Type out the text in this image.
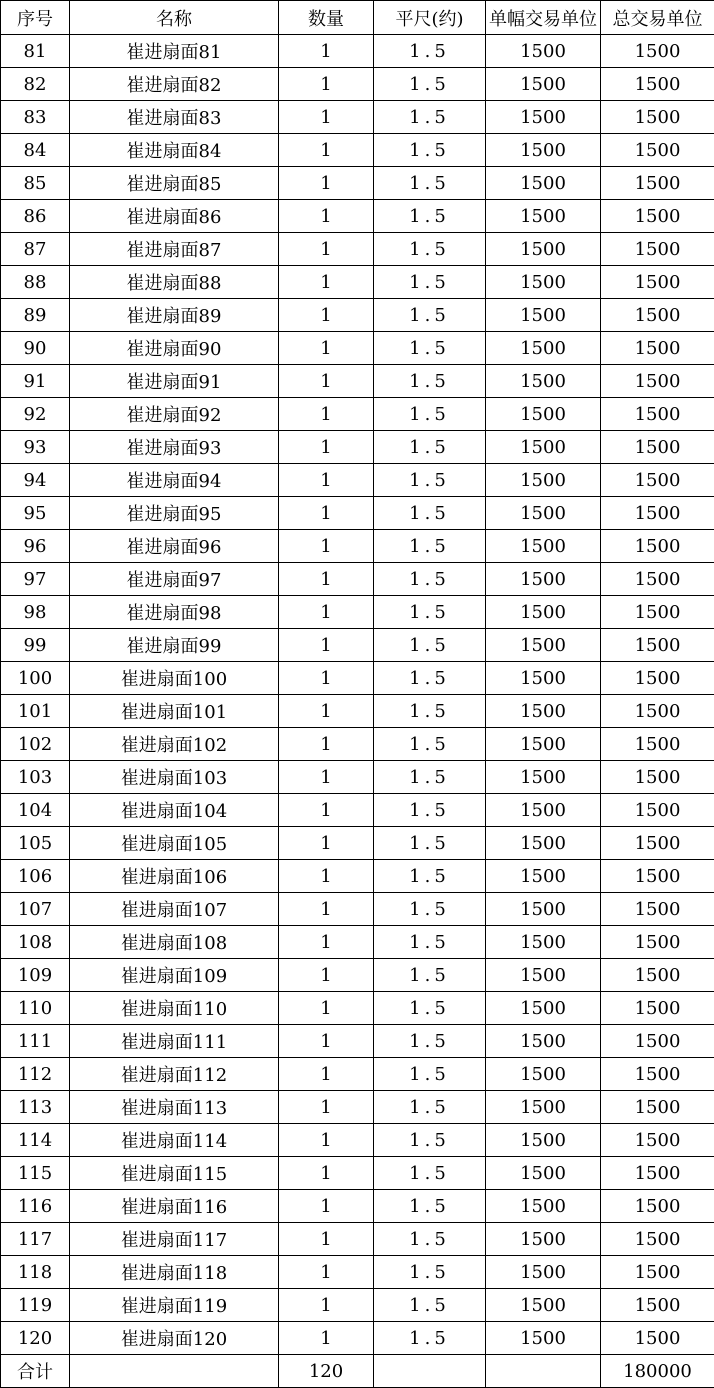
序号	名称	数量	平尺(约)	单幅交易单位	总交易单位
81	崔进扇面81	1	1.5	1500	1500
82	崔进扇面82	1	1.5	1500	1500
83	崔进扇面83	1	1.5	1500	1500
84	崔进扇面84	1	1.5	1500	1500
85	崔进扇面85	1	1.5	1500	1500
86	崔进扇面86	1	1.5	1500	1500
87	崔进扇面87	1	1.5	1500	1500
88	崔进扇面88	1	1.5	1500	1500
89	崔进扇面89	1	1.5	1500	1500
90	崔进扇面90	1	1.5	1500	1500
91	崔进扇面91	1	1.5	1500	1500
92	崔进扇面92	1	1.5	1500	1500
93	崔进扇面93	1	1.5	1500	1500
94	崔进扇面94	1	1.5	1500	1500
95	崔进扇面95	1	1.5	1500	1500
96	崔进扇面96	1	1.5	1500	1500
97	崔进扇面97	1	1.5	1500	1500
98	崔进扇面98	1	1.5	1500	1500
99	崔进扇面99	1	1.5	1500	1500
100	崔进扇面100	1	1.5	1500	1500
101	崔进扇面101	1	1.5	1500	1500
102	崔进扇面102	1	1.5	1500	1500
103	崔进扇面103	1	1.5	1500	1500
104	崔进扇面104	1	1.5	1500	1500
105	崔进扇面105	1	1.5	1500	1500
106	崔进扇面106	1	1.5	1500	1500
107	崔进扇面107	1	1.5	1500	1500
108	崔进扇面108	1	1.5	1500	1500
109	崔进扇面109	1	1.5	1500	1500
110	崔进扇面110	1	1.5	1500	1500
111	崔进扇面111	1	1.5	1500	1500
112	崔进扇面112	1	1.5	1500	1500
113	崔进扇面113	1	1.5	1500	1500
114	崔进扇面114	1	1.5	1500	1500
115	崔进扇面115	1	1.5	1500	1500
116	崔进扇面116	1	1.5	1500	1500
117	崔进扇面117	1	1.5	1500	1500
118	崔进扇面118	1	1.5	1500	1500
119	崔进扇面119	1	1.5	1500	1500
120	崔进扇面120	1	1.5	1500	1500
合计		120			180000
